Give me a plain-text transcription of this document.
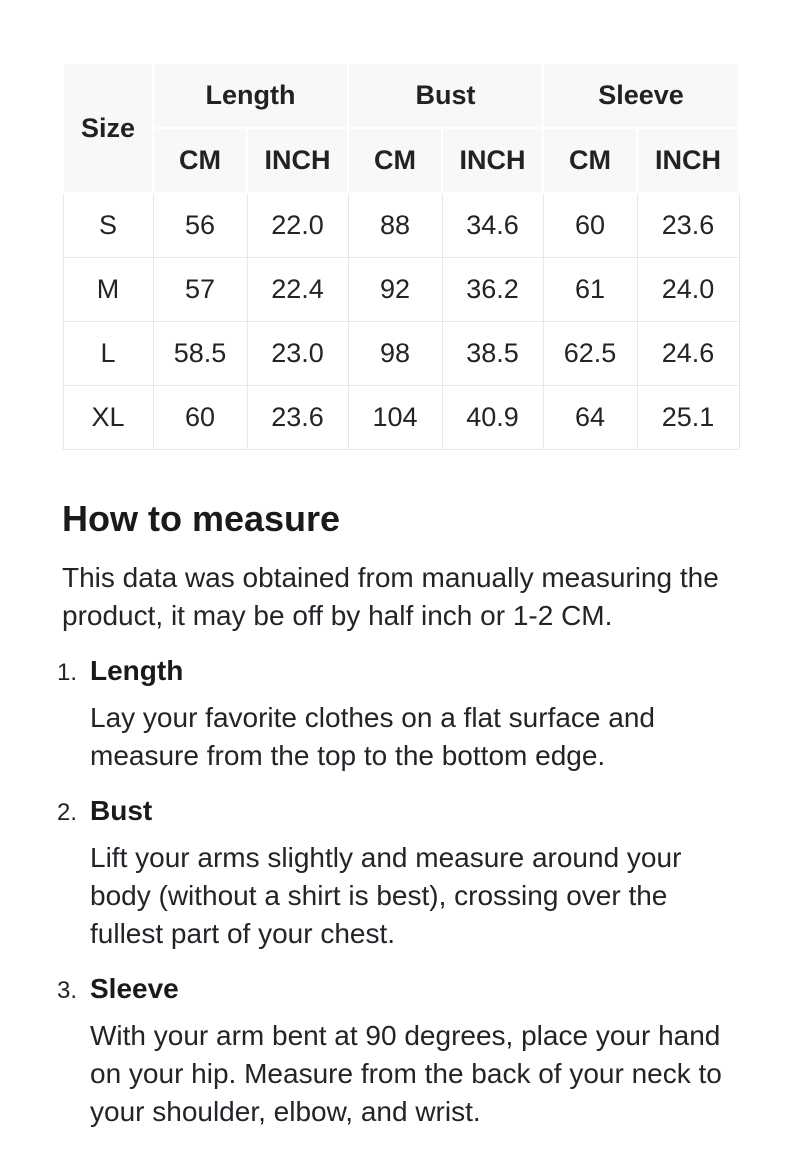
Size	Length		Bust		Sleeve	
	CM	INCH	CM	INCH	CM	INCH
S	56	22.0	88	34.6	60	23.6
M	57	22.4	92	36.2	61	24.0
L	58.5	23.0	98	38.5	62.5	24.6
XL	60	23.6	104	40.9	64	25.1
How to measure

This data was obtained from manually measuring the product, it may be off by half inch or 1-2 CM.

1. Length

Lay your favorite clothes on a flat surface and measure from the top to the bottom edge.

2. Bust

Lift your arms slightly and measure around your body (without a shirt is best), crossing over the fullest part of your chest.

3. Sleeve

With your arm bent at 90 degrees, place your hand on your hip. Measure from the back of your neck to your shoulder, elbow, and wrist.
